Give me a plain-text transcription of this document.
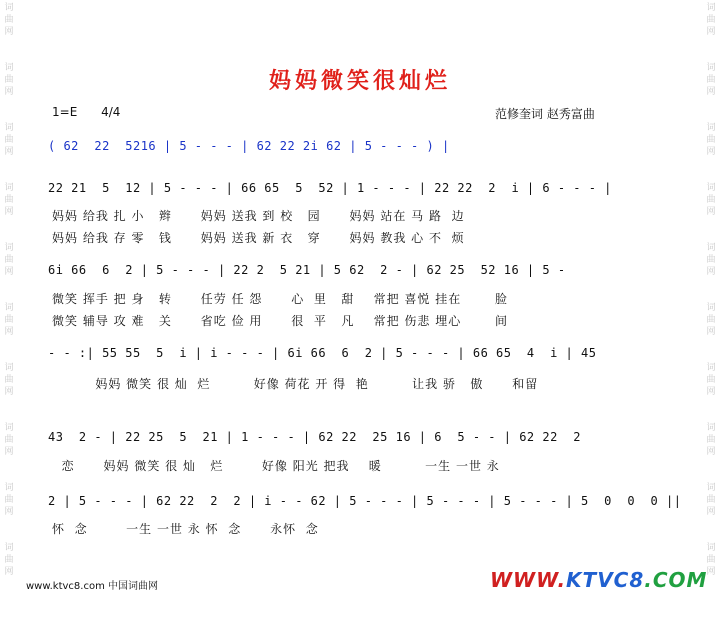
词曲网
词曲网
词曲网
词曲网
词曲网
词曲网
词曲网
词曲网
词曲网
词曲网
词曲网
词曲网
词曲网
词曲网
词曲网
词曲网
词曲网
词曲网
词曲网
词曲网
妈妈微笑很灿烂
1=E 4/4	范修奎词 赵秀富曲
( 62  22  5216 | 5 - - - | 62 22 2i 62 | 5 - - - ) |
22 21  5  12 | 5 - - - | 66 65  5  52 | 1 - - - | 22 22  2  i | 6 - - - |
妈妈 给我 扎 小   辫      妈妈 送我 到 校   园      妈妈 站在 马 路  边
妈妈 给我 存 零   钱      妈妈 送我 新 衣   穿      妈妈 教我 心 不  烦
6i 66  6  2 | 5 - - - | 22 2  5 21 | 5 62  2 - | 62 25  52 16 | 5 -
微笑 挥手 把 身   转      任劳 任 怨      心  里   甜    常把 喜悦 挂在       脸
微笑 辅导 攻 难   关      省吃 俭 用      很  平   凡    常把 伤悲 埋心       间
- - :| 55 55  5  i | i - - - | 6i 66  6  2 | 5 - - - | 66 65  4  i | 45
妈妈 微笑 很 灿  烂         好像 荷花 开 得  艳         让我 骄   傲      和留
43  2 - | 22 25  5  21 | 1 - - - | 62 22  25 16 | 6  5 - - | 62 22  2
恋      妈妈 微笑 很 灿   烂        好像 阳光 把我    暖         一生 一世 永
2 | 5 - - - | 62 22  2  2 | i - - 62 | 5 - - - | 5 - - - | 5 - - - | 5  0  0  0 ||
怀  念        一生 一世 永 怀  念      永怀  念
www.ktvc8.com 中国词曲网	WWW.KTVC8.COM
